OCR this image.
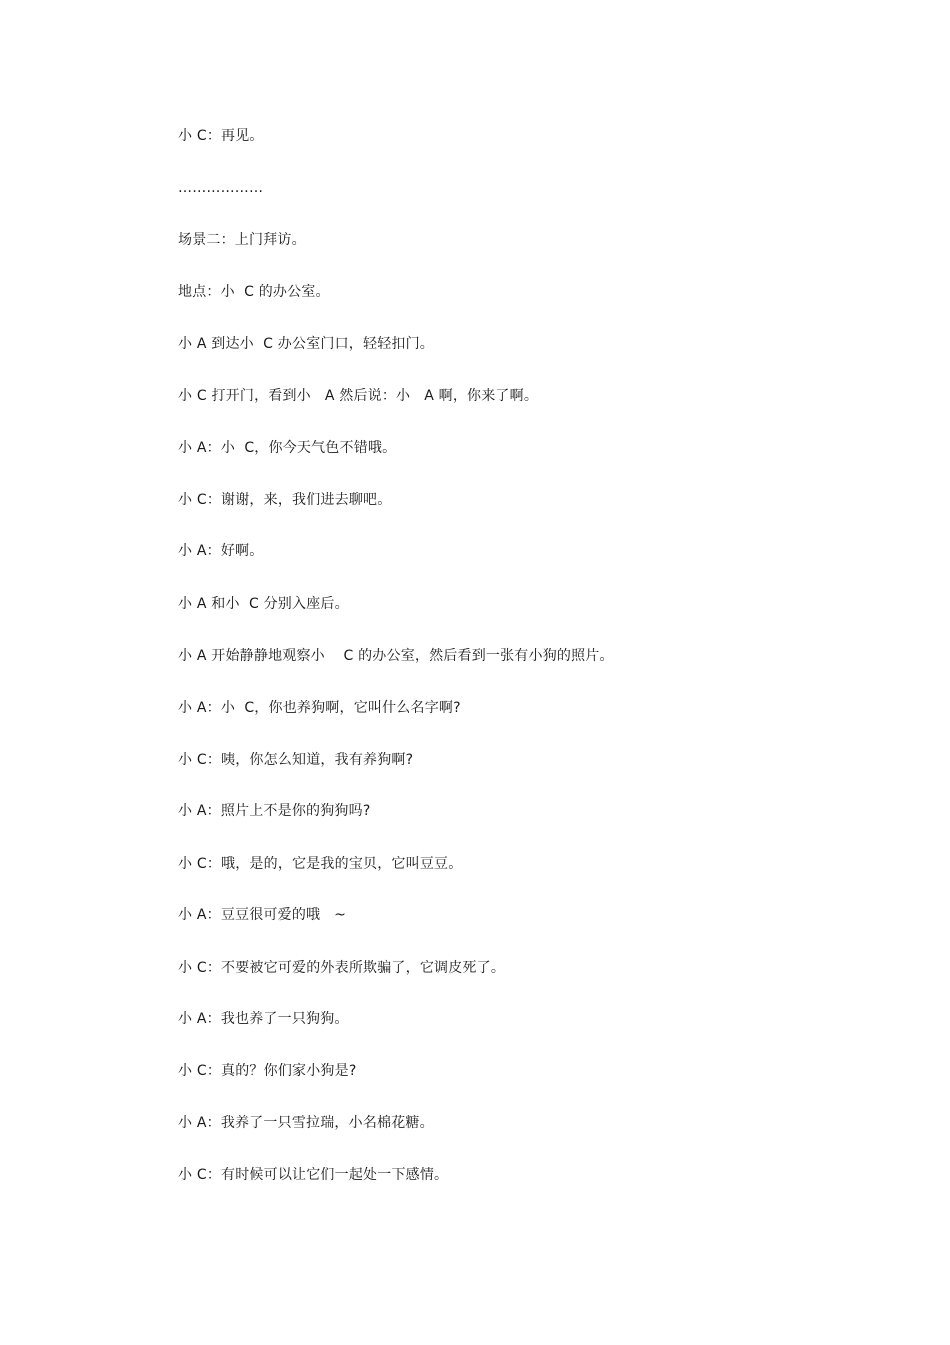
小 C：再见。
………………
场景二：上门拜访。
地点：小  C 的办公室。
小 A 到达小  C 办公室门口，轻轻扣门。
小 C 打开门，看到小   A 然后说：小   A 啊，你来了啊。
小 A：小  C，你今天气色不错哦。
小 C：谢谢，来，我们进去聊吧。
小 A：好啊。
小 A 和小  C 分别入座后。
小 A 开始静静地观察小    C 的办公室，然后看到一张有小狗的照片。
小 A：小  C，你也养狗啊，它叫什么名字啊?
小 C：咦，你怎么知道，我有养狗啊?
小 A：照片上不是你的狗狗吗?
小 C：哦，是的，它是我的宝贝，它叫豆豆。
小 A：豆豆很可爱的哦   ~
小 C：不要被它可爱的外表所欺骗了，它调皮死了。
小 A：我也养了一只狗狗。
小 C：真的？你们家小狗是?
小 A：我养了一只雪拉瑞，小名棉花糖。
小 C：有时候可以让它们一起处一下感情。
